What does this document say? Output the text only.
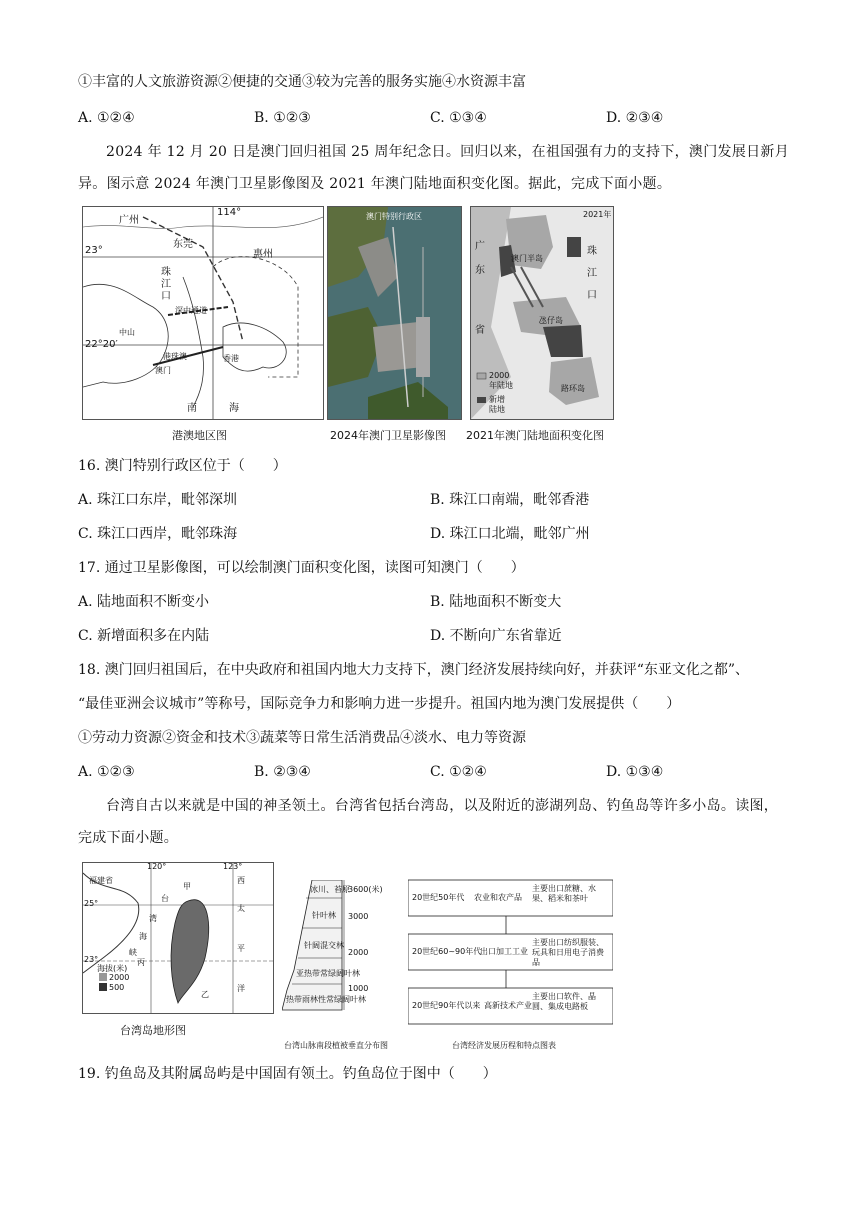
①丰富的人文旅游资源②便捷的交通③较为完善的服务实施④水资源丰富
A. ①②④	B. ①②③	C. ①③④	D. ②③④
2024 年 12 月 20 日是澳门回归祖国 25 周年纪念日。回归以来，在祖国强有力的支持下，澳门发展日新月异。图示意 2024 年澳门卫星影像图及 2021 年澳门陆地面积变化图。据此，完成下面小题。
广州
114°
23°
东莞
惠州
珠江口
深中通道
中山
22°20′
港珠澳
澳门
香港
南	海
澳门特别行政区	2021年
广
东
省
澳门半岛
氹仔岛
路环岛
珠江口
2000年陆地
新增陆地
港澳地区图	2024年澳门卫星影像图 2021年澳门陆地面积变化图
16. 澳门特别行政区位于（　　）
A. 珠江口东岸，毗邻深圳	B. 珠江口南端，毗邻香港
C. 珠江口西岸，毗邻珠海	D. 珠江口北端，毗邻广州
17. 通过卫星影像图，可以绘制澳门面积变化图，读图可知澳门（　　）
A. 陆地面积不断变小	B. 陆地面积不断变大
C. 新增面积多在内陆	D. 不断向广东省靠近
18. 澳门回归祖国后，在中央政府和祖国内地大力支持下，澳门经济发展持续向好，并获评“东亚文化之都”、
“最佳亚洲会议城市”等称号，国际竞争力和影响力进一步提升。祖国内地为澳门发展提供（　　）
①劳动力资源②资金和技术③蔬菜等日常生活消费品④淡水、电力等资源
A. ①②③	B. ②③④	C. ①②④	D. ①③④
台湾自古以来就是中国的神圣领土。台湾省包括台湾岛，以及附近的澎湖列岛、钓鱼岛等许多小岛。读图，完成下面小题。
120°	123°
25°
23°
福建省
台
湾
海
峡
甲
丙
乙
西
太
平
洋
海拔(米)
2000
500
台湾岛地形图
冰川、苔原
3600(米)
3000
2000
1000
针叶林
针阔混交林
亚热带常绿阔叶林
热带雨林性常绿阔叶林
台湾山脉南段植被垂直分布图
20世纪50年代 农业和农产品
主要出口蔗糖、水果、稻米和茶叶
20世纪60~90年代
出口加工工业
主要出口纺织服装、玩具和日用电子消费品
20世纪90年代以来 高新技术产业
主要出口软件、晶圆、集成电路板
台湾经济发展历程和特点图表
19. 钓鱼岛及其附属岛屿是中国固有领土。钓鱼岛位于图中（　　）
